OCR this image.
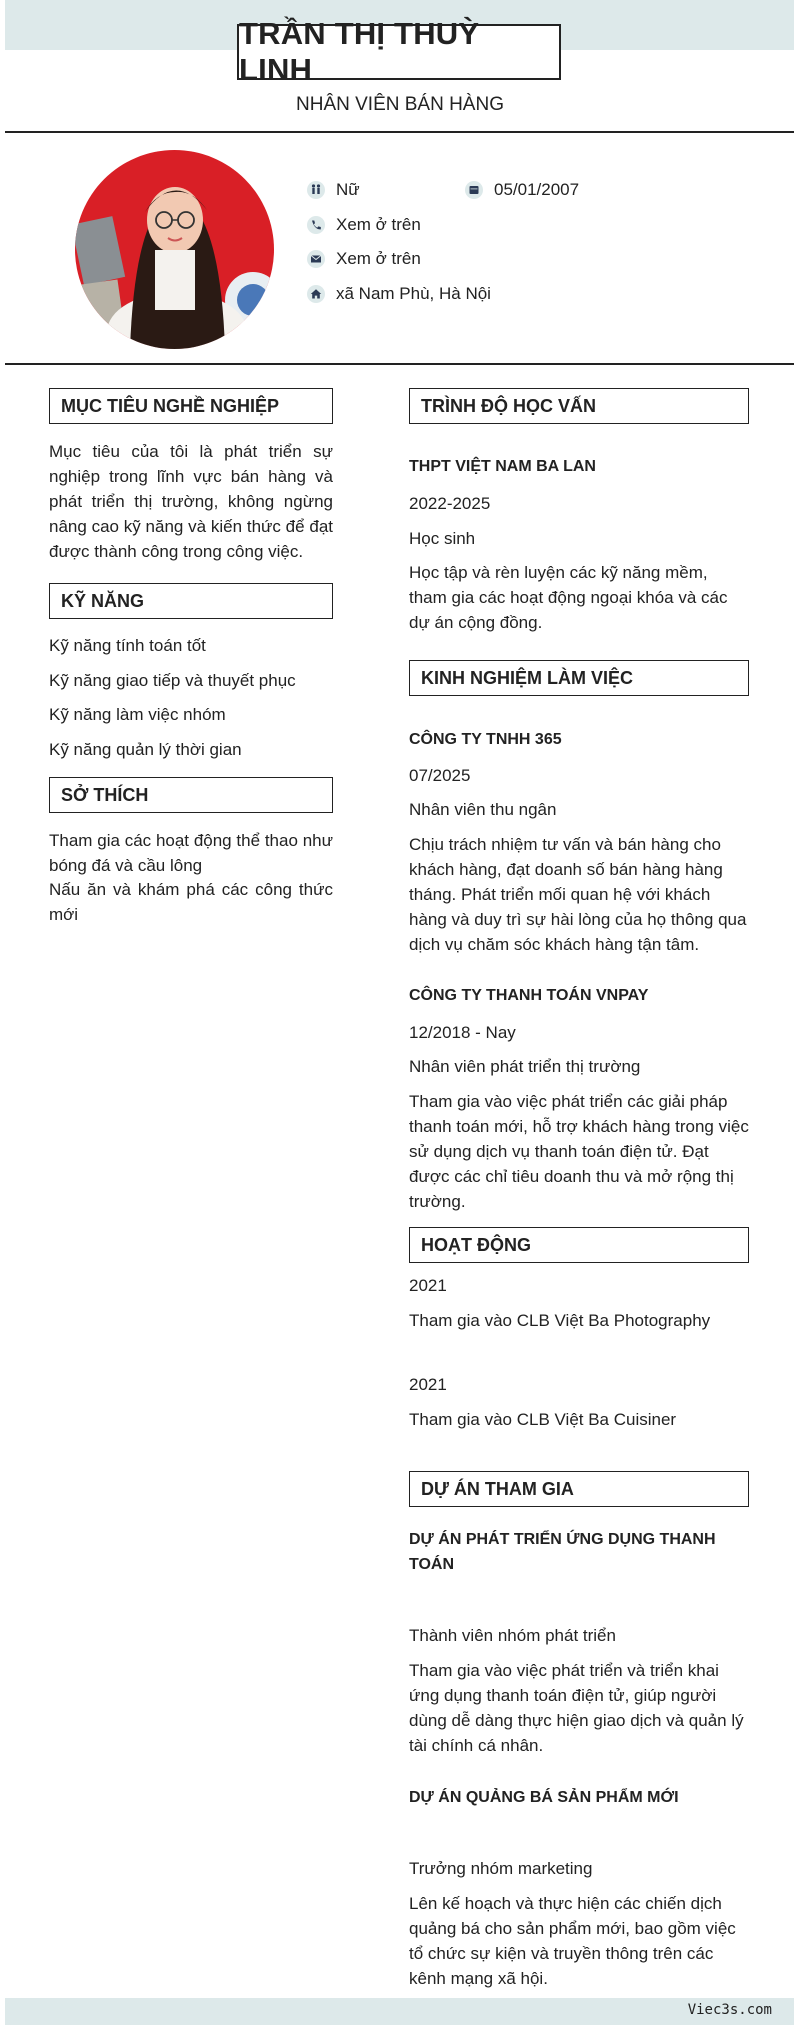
TRẦN THỊ THUỲ LINH
NHÂN VIÊN BÁN HÀNG
Nữ	05/01/2007
Xem ở trên
Xem ở trên
xã Nam Phù, Hà Nội
MỤC TIÊU NGHỀ NGHIỆP
Mục tiêu của tôi là phát triển sự nghiệp trong lĩnh vực bán hàng và phát triển thị trường, không ngừng nâng cao kỹ năng và kiến thức để đạt được thành công trong công việc.
KỸ NĂNG
Kỹ năng tính toán tốt
Kỹ năng giao tiếp và thuyết phục
Kỹ năng làm việc nhóm
Kỹ năng quản lý thời gian
SỞ THÍCH
Tham gia các hoạt động thể thao như bóng đá và cầu lông
Nấu ăn và khám phá các công thức mới
TRÌNH ĐỘ HỌC VẤN
THPT VIỆT NAM BA LAN
2022-2025
Học sinh
Học tập và rèn luyện các kỹ năng mềm, tham gia các hoạt động ngoại khóa và các dự án cộng đồng.
KINH NGHIỆM LÀM VIỆC
CÔNG TY TNHH 365
07/2025
Nhân viên thu ngân
Chịu trách nhiệm tư vấn và bán hàng cho khách hàng, đạt doanh số bán hàng hàng tháng. Phát triển mối quan hệ với khách hàng và duy trì sự hài lòng của họ thông qua dịch vụ chăm sóc khách hàng tận tâm.
CÔNG TY THANH TOÁN VNPAY
12/2018 - Nay
Nhân viên phát triển thị trường
Tham gia vào việc phát triển các giải pháp thanh toán mới, hỗ trợ khách hàng trong việc sử dụng dịch vụ thanh toán điện tử. Đạt được các chỉ tiêu doanh thu và mở rộng thị trường.
HOẠT ĐỘNG
2021
Tham gia vào CLB Việt Ba Photography
2021
Tham gia vào CLB Việt Ba Cuisiner
DỰ ÁN THAM GIA
DỰ ÁN PHÁT TRIỂN ỨNG DỤNG THANH TOÁN
Thành viên nhóm phát triển
Tham gia vào việc phát triển và triển khai ứng dụng thanh toán điện tử, giúp người dùng dễ dàng thực hiện giao dịch và quản lý tài chính cá nhân.
DỰ ÁN QUẢNG BÁ SẢN PHẨM MỚI
Trưởng nhóm marketing
Lên kế hoạch và thực hiện các chiến dịch quảng bá cho sản phẩm mới, bao gồm việc tổ chức sự kiện và truyền thông trên các kênh mạng xã hội.
Viec3s.com
